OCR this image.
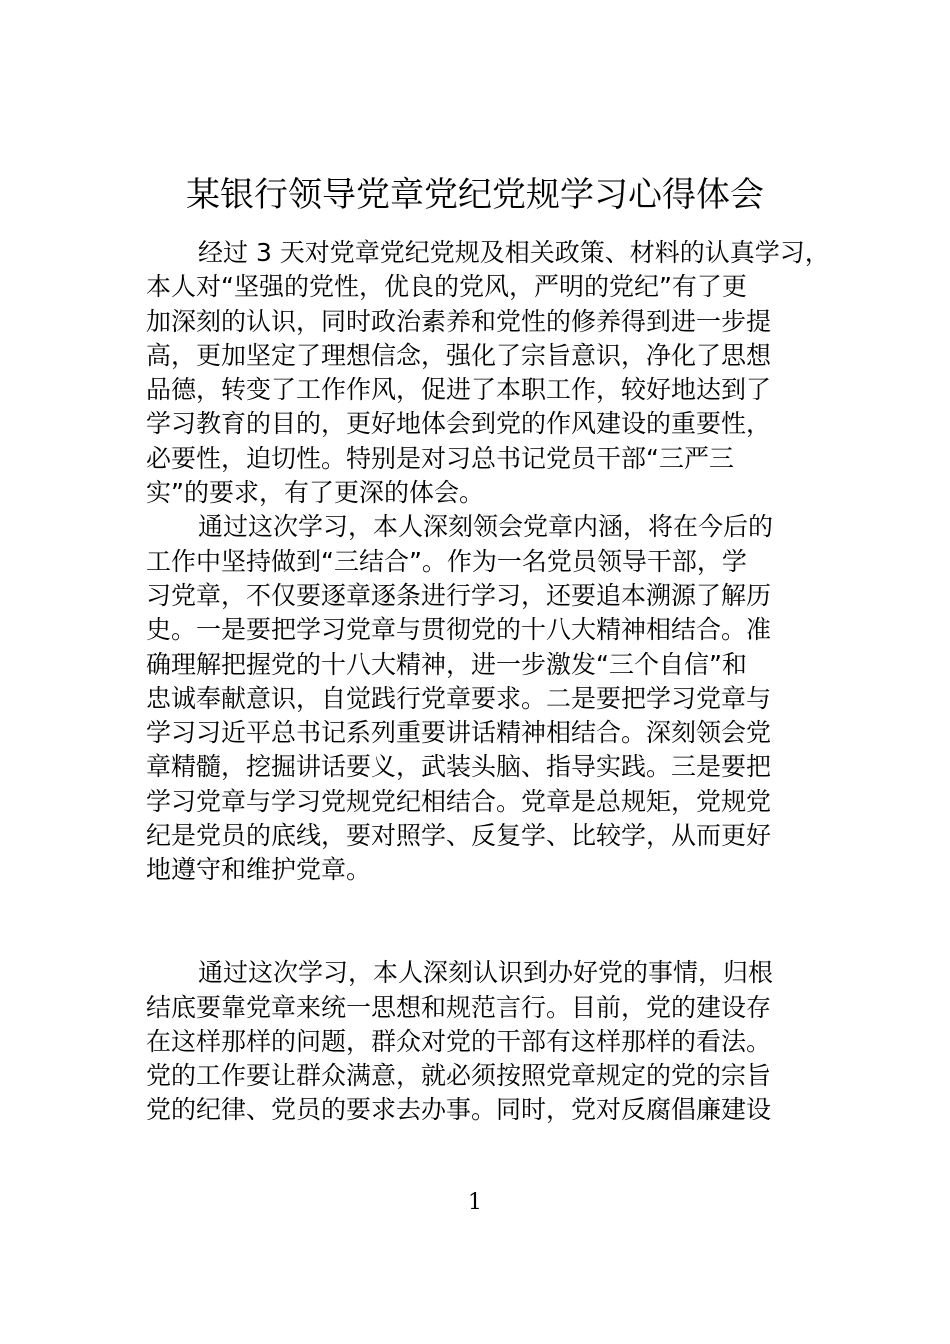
某银行领导党章党纪党规学习心得体会

经过 3 天对党章党纪党规及相关政策、材料的认真学习，
本人对“坚强的党性，优良的党风，严明的党纪”有了更
加深刻的认识，同时政治素养和党性的修养得到进一步提
高，更加坚定了理想信念，强化了宗旨意识，净化了思想
品德，转变了工作作风，促进了本职工作，较好地达到了
学习教育的目的，更好地体会到党的作风建设的重要性，
必要性，迫切性。特别是对习总书记党员干部“三严三
实”的要求，有了更深的体会。

通过这次学习，本人深刻领会党章内涵，将在今后的
工作中坚持做到“三结合”。作为一名党员领导干部，学
习党章，不仅要逐章逐条进行学习，还要追本溯源了解历
史。一是要把学习党章与贯彻党的十八大精神相结合。准
确理解把握党的十八大精神，进一步激发“三个自信”和
忠诚奉献意识，自觉践行党章要求。二是要把学习党章与
学习习近平总书记系列重要讲话精神相结合。深刻领会党
章精髓，挖掘讲话要义，武装头脑、指导实践。三是要把
学习党章与学习党规党纪相结合。党章是总规矩，党规党
纪是党员的底线，要对照学、反复学、比较学，从而更好
地遵守和维护党章。

通过这次学习，本人深刻认识到办好党的事情，归根
结底要靠党章来统一思想和规范言行。目前，党的建设存
在这样那样的问题，群众对党的干部有这样那样的看法。
党的工作要让群众满意，就必须按照党章规定的党的宗旨
党的纪律、党员的要求去办事。同时，党对反腐倡廉建设

1
